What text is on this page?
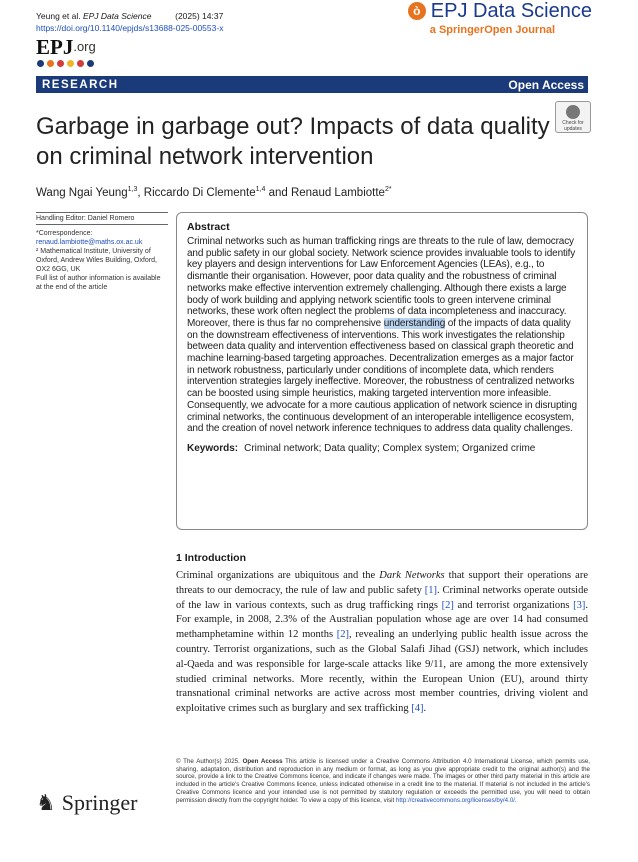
Yeung et al. EPJ Data Science	(2025) 14:37
https://doi.org/10.1140/epjds/s13688-025-00553-x
$EPJ^{.org}$
ò EPJ Data Science
a SpringerOpen Journal
RESEARCH	Open Access
Garbage in garbage out? Impacts of data quality on criminal network intervention
Check for updates
Wang Ngai Yeung$^{1,3}$, Riccardo Di Clemente$^{1,4}$ and Renaud Lambiotte$^{2*}$
Handling Editor: Daniel Romero
*Correspondence:
renaud.lambiotte@maths.ox.ac.uk
² Mathematical Institute, University of Oxford, Andrew Wiles Building, Oxford, OX2 6GG, UK
Full list of author information is available at the end of the article
Abstract

Criminal networks such as human trafficking rings are threats to the rule of law, democracy and public safety in our global society. Network science provides invaluable tools to identify key players and design interventions for Law Enforcement Agencies (LEAs), e.g., to dismantle their organisation. However, poor data quality and the robustness of criminal networks make effective intervention extremely challenging. Although there exists a large body of work building and applying network scientific tools to green intervene criminal networks, these work often neglect the problems of data incompleteness and inaccuracy. Moreover, there is thus far no comprehensive understanding of the impacts of data quality on the downstream effectiveness of interventions. This work investigates the relationship between data quality and intervention effectiveness based on classical graph theoretic and machine learning-based targeting approaches. Decentralization emerges as a major factor in network robustness, particularly under conditions of incomplete data, which renders intervention strategies largely ineffective. Moreover, the robustness of centralized networks can be boosted using simple heuristics, making targeted intervention more infeasible. Consequently, we advocate for a more cautious application of network science in disrupting criminal networks, the continuous development of an interoperable intelligence ecosystem, and the creation of novel network inference techniques to address data quality challenges.

Keywords: Criminal network; Data quality; Complex system; Organized crime
1 Introduction
Criminal organizations are ubiquitous and the Dark Networks that support their operations are threats to our democracy, the rule of law and public safety [1]. Criminal networks operate outside of the law in various contexts, such as drug trafficking rings [2] and terrorist organizations [3]. For example, in 2008, 2.3% of the Australian population whose age are over 14 had consumed methamphetamine within 12 months [2], revealing an underlying public health issue across the country. Terrorist organizations, such as the Global Salafi Jihad (GSJ) network, which includes al-Qaeda and was responsible for large-scale attacks like 9/11, are among the more extensively studied criminal networks. More recently, within the European Union (EU), around thirty transnational criminal networks are active across most member countries, driving violent and exploitative crimes such as burglary and sex trafficking [4].
♞ Springer
© The Author(s) 2025. Open Access This article is licensed under a Creative Commons Attribution 4.0 International License, which permits use, sharing, adaptation, distribution and reproduction in any medium or format, as long as you give appropriate credit to the original author(s) and the source, provide a link to the Creative Commons licence, and indicate if changes were made. The images or other third party material in this article are included in the article's Creative Commons licence, unless indicated otherwise in a credit line to the material. If material is not included in the article's Creative Commons licence and your intended use is not permitted by statutory regulation or exceeds the permitted use, you will need to obtain permission directly from the copyright holder. To view a copy of this licence, visit http://creativecommons.org/licenses/by/4.0/.
